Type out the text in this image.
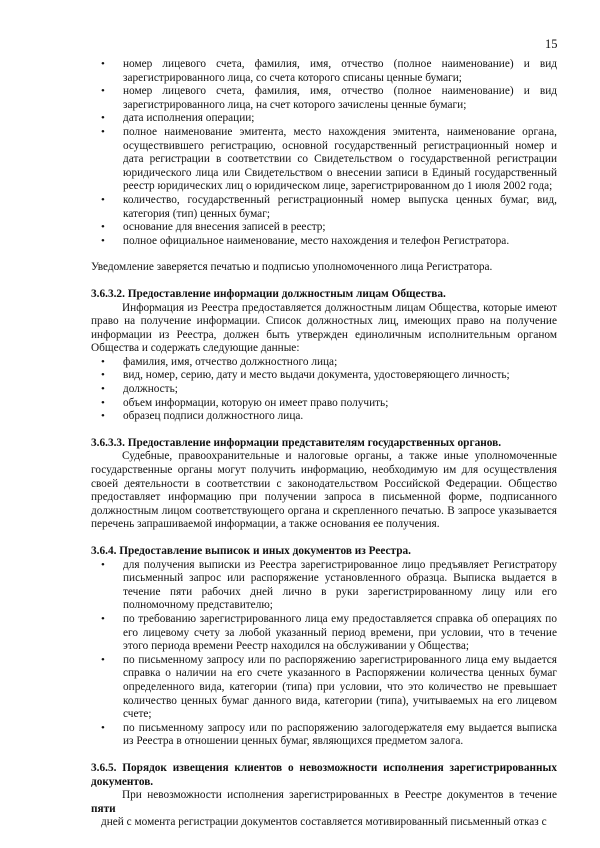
15
• номер лицевого счета, фамилия, имя, отчество (полное наименование) и вид зарегистрированного лица, со счета которого списаны ценные бумаги;
• номер лицевого счета, фамилия, имя, отчество (полное наименование) и вид зарегистрированного лица, на счет которого зачислены ценные бумаги;
• дата исполнения операции;
• полное наименование эмитента, место нахождения эмитента, наименование органа, осуществившего регистрацию, основной государственный регистрационный номер и дата регистрации в соответствии со Свидетельством о государственной регистрации юридического лица или Свидетельством о внесении записи в Единый государственный реестр юридических лиц о юридическом лице, зарегистрированном до 1 июля 2002 года;
• количество, государственный регистрационный номер выпуска ценных бумаг, вид, категория (тип) ценных бумаг;
• основание для внесения записей в реестр;
• полное официальное наименование, место нахождения и телефон Регистратора.

Уведомление заверяется печатью и подписью уполномоченного лица Регистратора.

3.6.3.2. Предоставление информации должностным лицам Общества.

Информация из Реестра предоставляется должностным лицам Общества, которые имеют право на получение информации. Список должностных лиц, имеющих право на получение информации из Реестра, должен быть утвержден единоличным исполнительным органом Общества и содержать следующие данные:

• фамилия, имя, отчество должностного лица;
• вид, номер, серию, дату и место выдачи документа, удостоверяющего личность;
• должность;
• объем информации, которую он имеет право получить;
• образец подписи должностного лица.

3.6.3.3. Предоставление информации представителям государственных органов.

Судебные, правоохранительные и налоговые органы, а также иные уполномоченные государственные органы могут получить информацию, необходимую им для осуществления своей деятельности в соответствии с законодательством Российской Федерации. Общество предоставляет информацию при получении запроса в письменной форме, подписанного должностным лицом соответствующего органа и скрепленного печатью. В запросе указывается перечень запрашиваемой информации, а также основания ее получения.

3.6.4. Предоставление выписок и иных документов из Реестра.

• для получения выписки из Реестра зарегистрированное лицо предъявляет Регистратору письменный запрос или распоряжение установленного образца. Выписка выдается в течение пяти рабочих дней лично в руки зарегистрированному лицу или его полномочному представителю;
• по требованию зарегистрированного лица ему предоставляется справка об операциях по его лицевому счету за любой указанный период времени, при условии, что в течение этого периода времени Реестр находился на обслуживании у Общества;
• по письменному запросу или по распоряжению зарегистрированного лица ему выдается справка о наличии на его счете указанного в Распоряжении количества ценных бумаг определенного вида, категории (типа) при условии, что это количество не превышает количество ценных бумаг данного вида, категории (типа), учитываемых на его лицевом счете;
• по письменному запросу или по распоряжению залогодержателя ему выдается выписка из Реестра в отношении ценных бумаг, являющихся предметом залога.

3.6.5. Порядок извещения клиентов о невозможности исполнения зарегистрированных документов.

При невозможности исполнения зарегистрированных в Реестре документов в течение пяти

дней с момента регистрации документов составляется мотивированный письменный отказ с
